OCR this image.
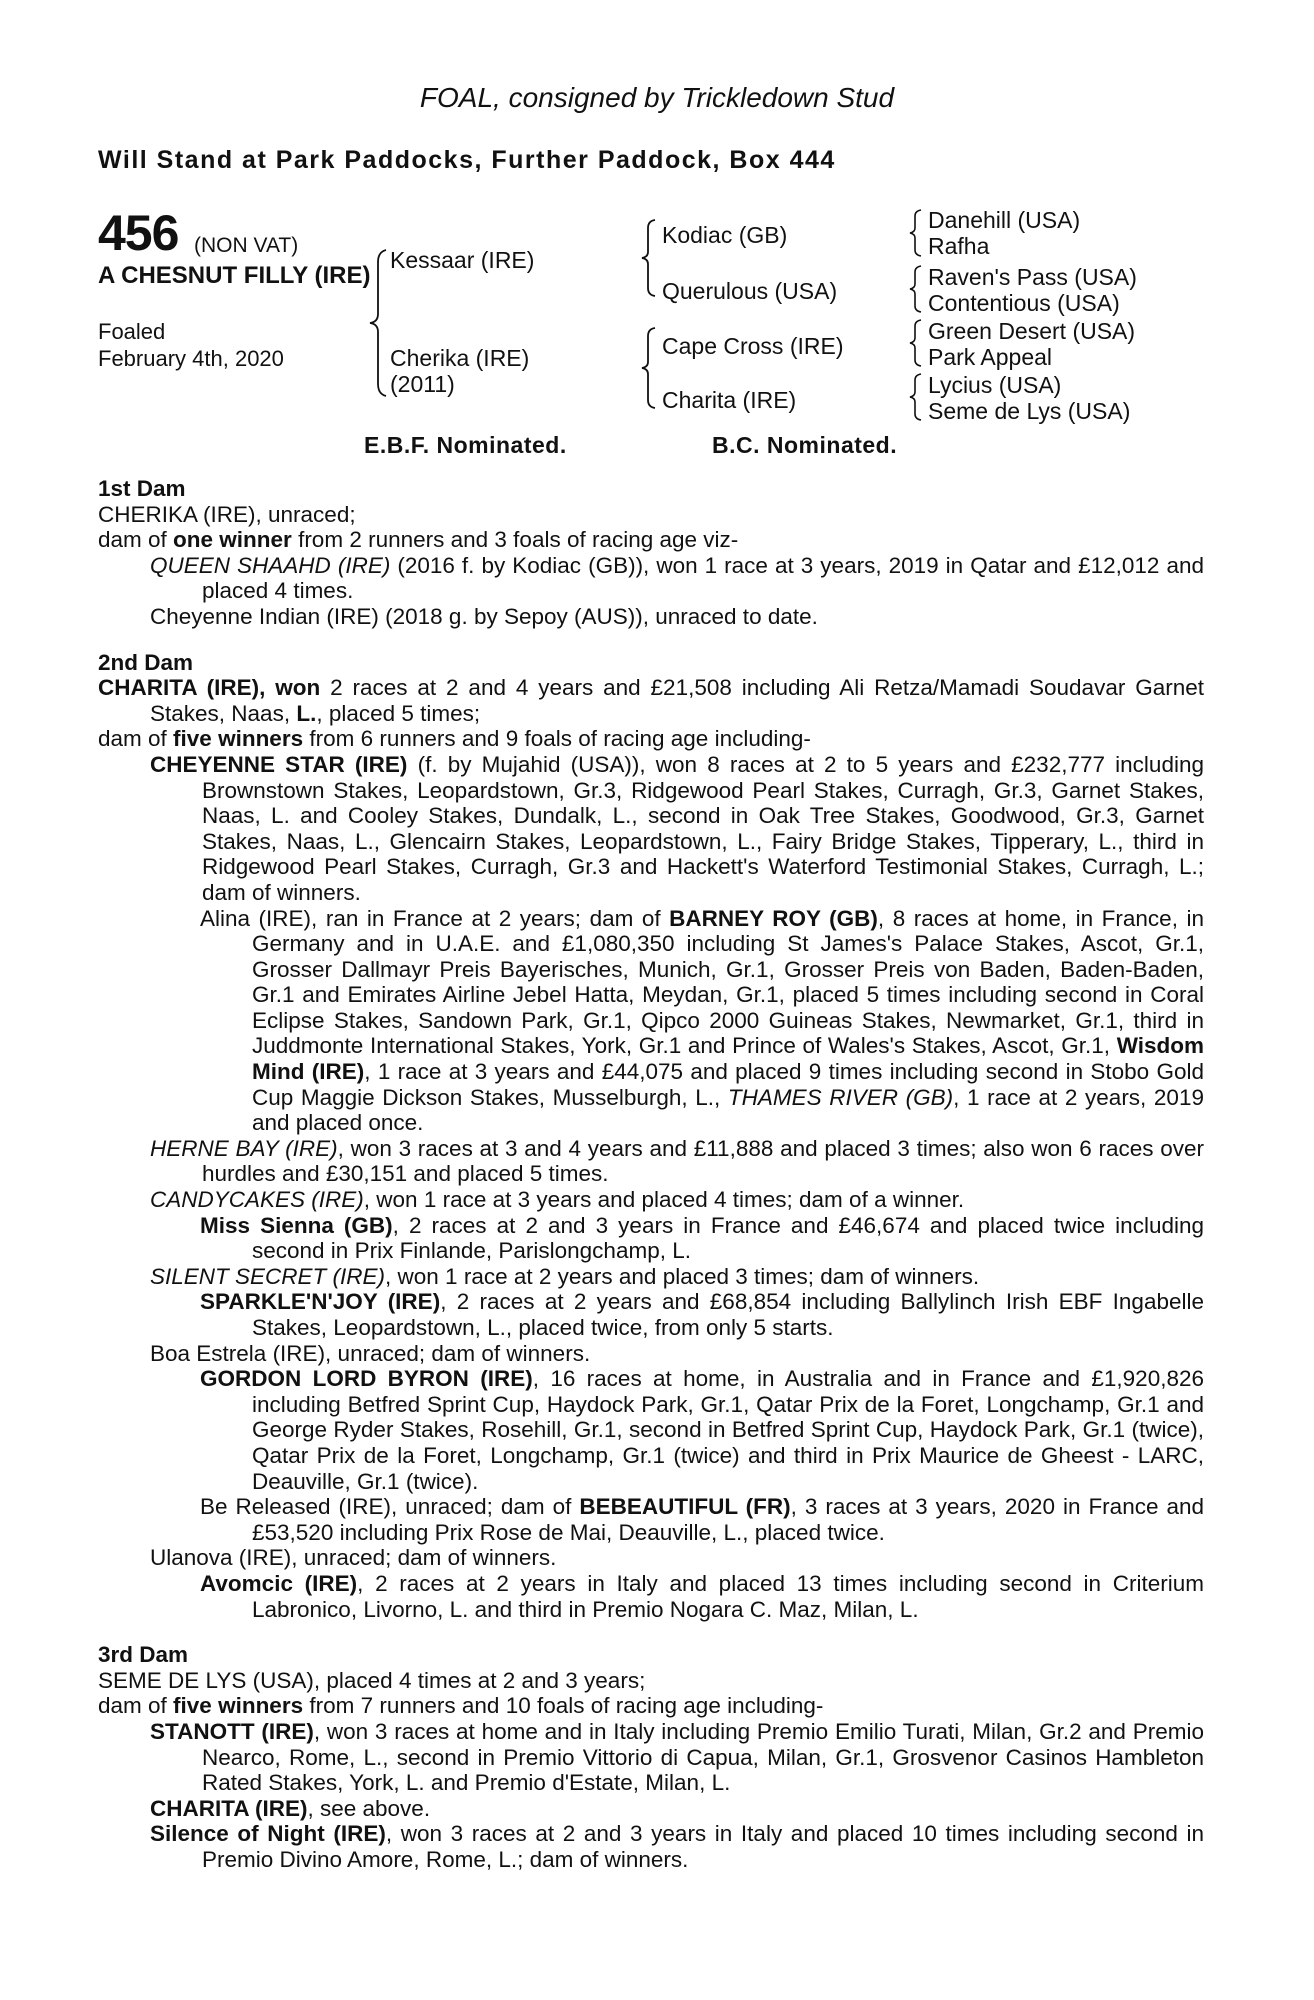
FOAL, consigned by Trickledown Stud
Will Stand at Park Paddocks, Further Paddock, Box 444
456 (NON VAT)
A CHESNUT FILLY (IRE)
Foaled
February 4th, 2020
Kessaar (IRE)
Cherika (IRE)
(2011)
Kodiac (GB)
Querulous (USA)
Cape Cross (IRE)
Charita (IRE)
Danehill (USA)
Rafha
Raven's Pass (USA)
Contentious (USA)
Green Desert (USA)
Park Appeal
Lycius (USA)
Seme de Lys (USA)
E.B.F. Nominated.	B.C. Nominated.

1st Dam

CHERIKA (IRE), unraced;

dam of one winner from 2 runners and 3 foals of racing age viz-

QUEEN SHAAHD (IRE) (2016 f. by Kodiac (GB)), won 1 race at 3 years, 2019 in Qatar and £12,012 and placed 4 times.

Cheyenne Indian (IRE) (2018 g. by Sepoy (AUS)), unraced to date.

2nd Dam

CHARITA (IRE), won 2 races at 2 and 4 years and £21,508 including Ali Retza/Mamadi Soudavar Garnet Stakes, Naas, L., placed 5 times;

dam of five winners from 6 runners and 9 foals of racing age including-

CHEYENNE STAR (IRE) (f. by Mujahid (USA)), won 8 races at 2 to 5 years and £232,777 including Brownstown Stakes, Leopardstown, Gr.3, Ridgewood Pearl Stakes, Curragh, Gr.3, Garnet Stakes, Naas, L. and Cooley Stakes, Dundalk, L., second in Oak Tree Stakes, Goodwood, Gr.3, Garnet Stakes, Naas, L., Glencairn Stakes, Leopardstown, L., Fairy Bridge Stakes, Tipperary, L., third in Ridgewood Pearl Stakes, Curragh, Gr.3 and Hackett's Waterford Testimonial Stakes, Curragh, L.; dam of winners.

Alina (IRE), ran in France at 2 years; dam of BARNEY ROY (GB), 8 races at home, in France, in Germany and in U.A.E. and £1,080,350 including St James's Palace Stakes, Ascot, Gr.1, Grosser Dallmayr Preis Bayerisches, Munich, Gr.1, Grosser Preis von Baden, Baden-Baden, Gr.1 and Emirates Airline Jebel Hatta, Meydan, Gr.1, placed 5 times including second in Coral Eclipse Stakes, Sandown Park, Gr.1, Qipco 2000 Guineas Stakes, Newmarket, Gr.1, third in Juddmonte International Stakes, York, Gr.1 and Prince of Wales's Stakes, Ascot, Gr.1, Wisdom Mind (IRE), 1 race at 3 years and £44,075 and placed 9 times including second in Stobo Gold Cup Maggie Dickson Stakes, Musselburgh, L., THAMES RIVER (GB), 1 race at 2 years, 2019 and placed once.

HERNE BAY (IRE), won 3 races at 3 and 4 years and £11,888 and placed 3 times; also won 6 races over hurdles and £30,151 and placed 5 times.

CANDYCAKES (IRE), won 1 race at 3 years and placed 4 times; dam of a winner.

Miss Sienna (GB), 2 races at 2 and 3 years in France and £46,674 and placed twice including second in Prix Finlande, Parislongchamp, L.

SILENT SECRET (IRE), won 1 race at 2 years and placed 3 times; dam of winners.

SPARKLE'N'JOY (IRE), 2 races at 2 years and £68,854 including Ballylinch Irish EBF Ingabelle Stakes, Leopardstown, L., placed twice, from only 5 starts.

Boa Estrela (IRE), unraced; dam of winners.

GORDON LORD BYRON (IRE), 16 races at home, in Australia and in France and £1,920,826 including Betfred Sprint Cup, Haydock Park, Gr.1, Qatar Prix de la Foret, Longchamp, Gr.1 and George Ryder Stakes, Rosehill, Gr.1, second in Betfred Sprint Cup, Haydock Park, Gr.1 (twice), Qatar Prix de la Foret, Longchamp, Gr.1 (twice) and third in Prix Maurice de Gheest - LARC, Deauville, Gr.1 (twice).

Be Released (IRE), unraced; dam of BEBEAUTIFUL (FR), 3 races at 3 years, 2020 in France and £53,520 including Prix Rose de Mai, Deauville, L., placed twice.

Ulanova (IRE), unraced; dam of winners.

Avomcic (IRE), 2 races at 2 years in Italy and placed 13 times including second in Criterium Labronico, Livorno, L. and third in Premio Nogara C. Maz, Milan, L.

3rd Dam

SEME DE LYS (USA), placed 4 times at 2 and 3 years;

dam of five winners from 7 runners and 10 foals of racing age including-

STANOTT (IRE), won 3 races at home and in Italy including Premio Emilio Turati, Milan, Gr.2 and Premio Nearco, Rome, L., second in Premio Vittorio di Capua, Milan, Gr.1, Grosvenor Casinos Hambleton Rated Stakes, York, L. and Premio d'Estate, Milan, L.

CHARITA (IRE), see above.

Silence of Night (IRE), won 3 races at 2 and 3 years in Italy and placed 10 times including second in Premio Divino Amore, Rome, L.; dam of winners.
